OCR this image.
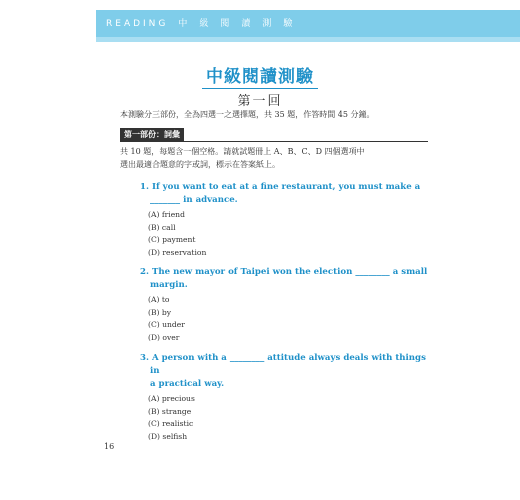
READING 中級閱讀測驗
中級閱讀測驗
第一回
本測驗分三部份，全為四選一之選擇題，共 35 題，作答時間 45 分鐘。
第一部份：詞彙
共 10 題，每題含一個空格。請就試題冊上 A、B、C、D 四個選項中
選出最適合題意的字或詞，標示在答案紙上。
1. If you want to eat at a fine restaurant, you must make a
_______ in advance.
(A) friend
(B) call
(C) payment
(D) reservation
2. The new mayor of Taipei won the election ________ a small
margin.
(A) to
(B) by
(C) under
(D) over
3. A person with a ________ attitude always deals with things in
a practical way.
(A) precious
(B) strange
(C) realistic
(D) selfish
16
